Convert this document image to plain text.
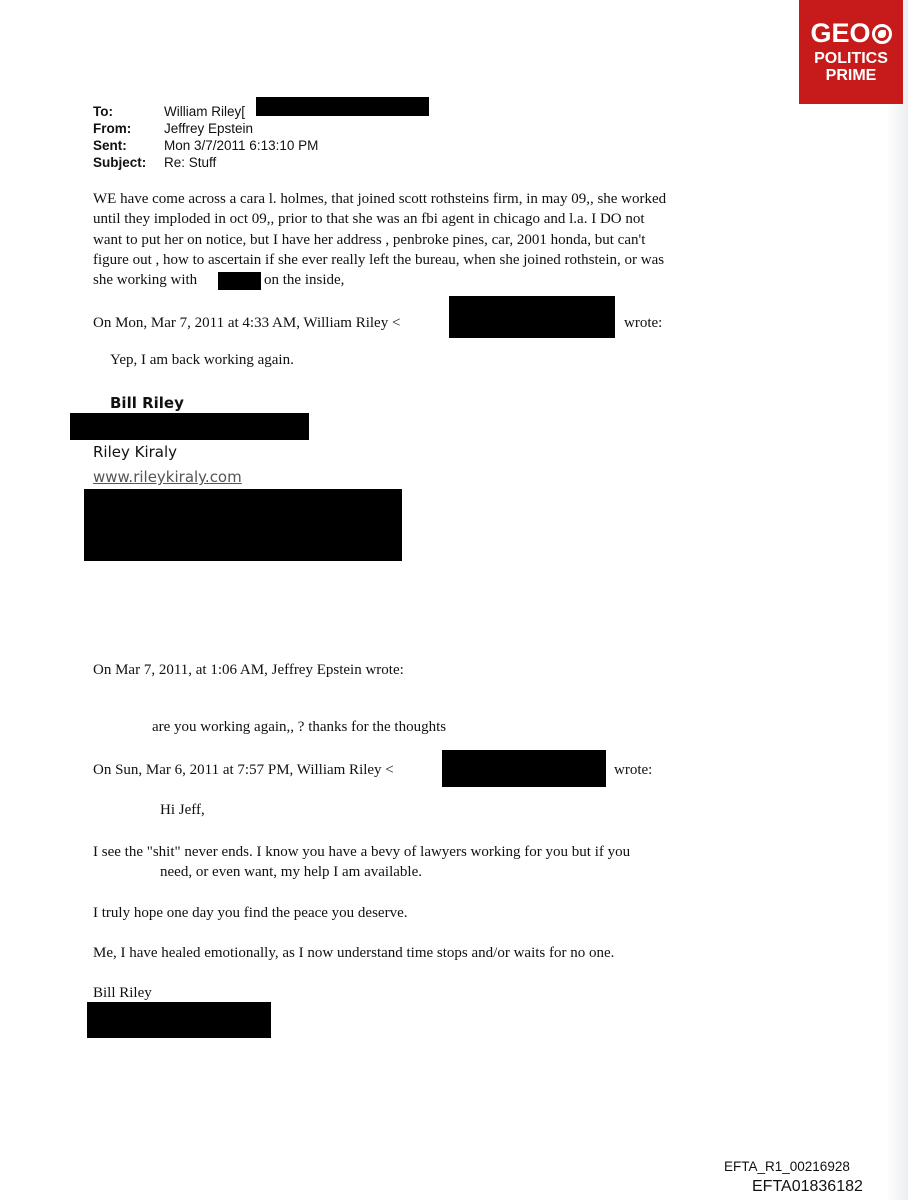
GEO
POLITICS
PRIME
To:	William Riley[
From: Jeffrey Epstein
Sent:	Mon 3/7/2011 6:13:10 PM
Subject: Re: Stuff
WE have come across a cara l. holmes, that joined scott rothsteins firm, in may 09,, she worked
until they imploded in oct 09,, prior to that she was an fbi agent in chicago and l.a. I DO not
want to put her on notice, but I have her address , penbroke pines, car, 2001 honda, but can't
figure out , how to ascertain if she ever really left the bureau, when she joined rothstein, or was
she working with	on the inside,
On Mon, Mar 7, 2011 at 4:33 AM, William Riley <	wrote:
Yep, I am back working again.
Bill Riley
Riley Kiraly
www.rileykiraly.com
On Mar 7, 2011, at 1:06 AM, Jeffrey Epstein wrote:
are you working again,, ? thanks for the thoughts
On Sun, Mar 6, 2011 at 7:57 PM, William Riley <	wrote:
Hi Jeff,
I see the "shit" never ends. I know you have a bevy of lawyers working for you but if you
need, or even want, my help I am available.
I truly hope one day you find the peace you deserve.
Me, I have healed emotionally, as I now understand time stops and/or waits for no one.
Bill Riley
EFTA_R1_00216928
EFTA01836182
